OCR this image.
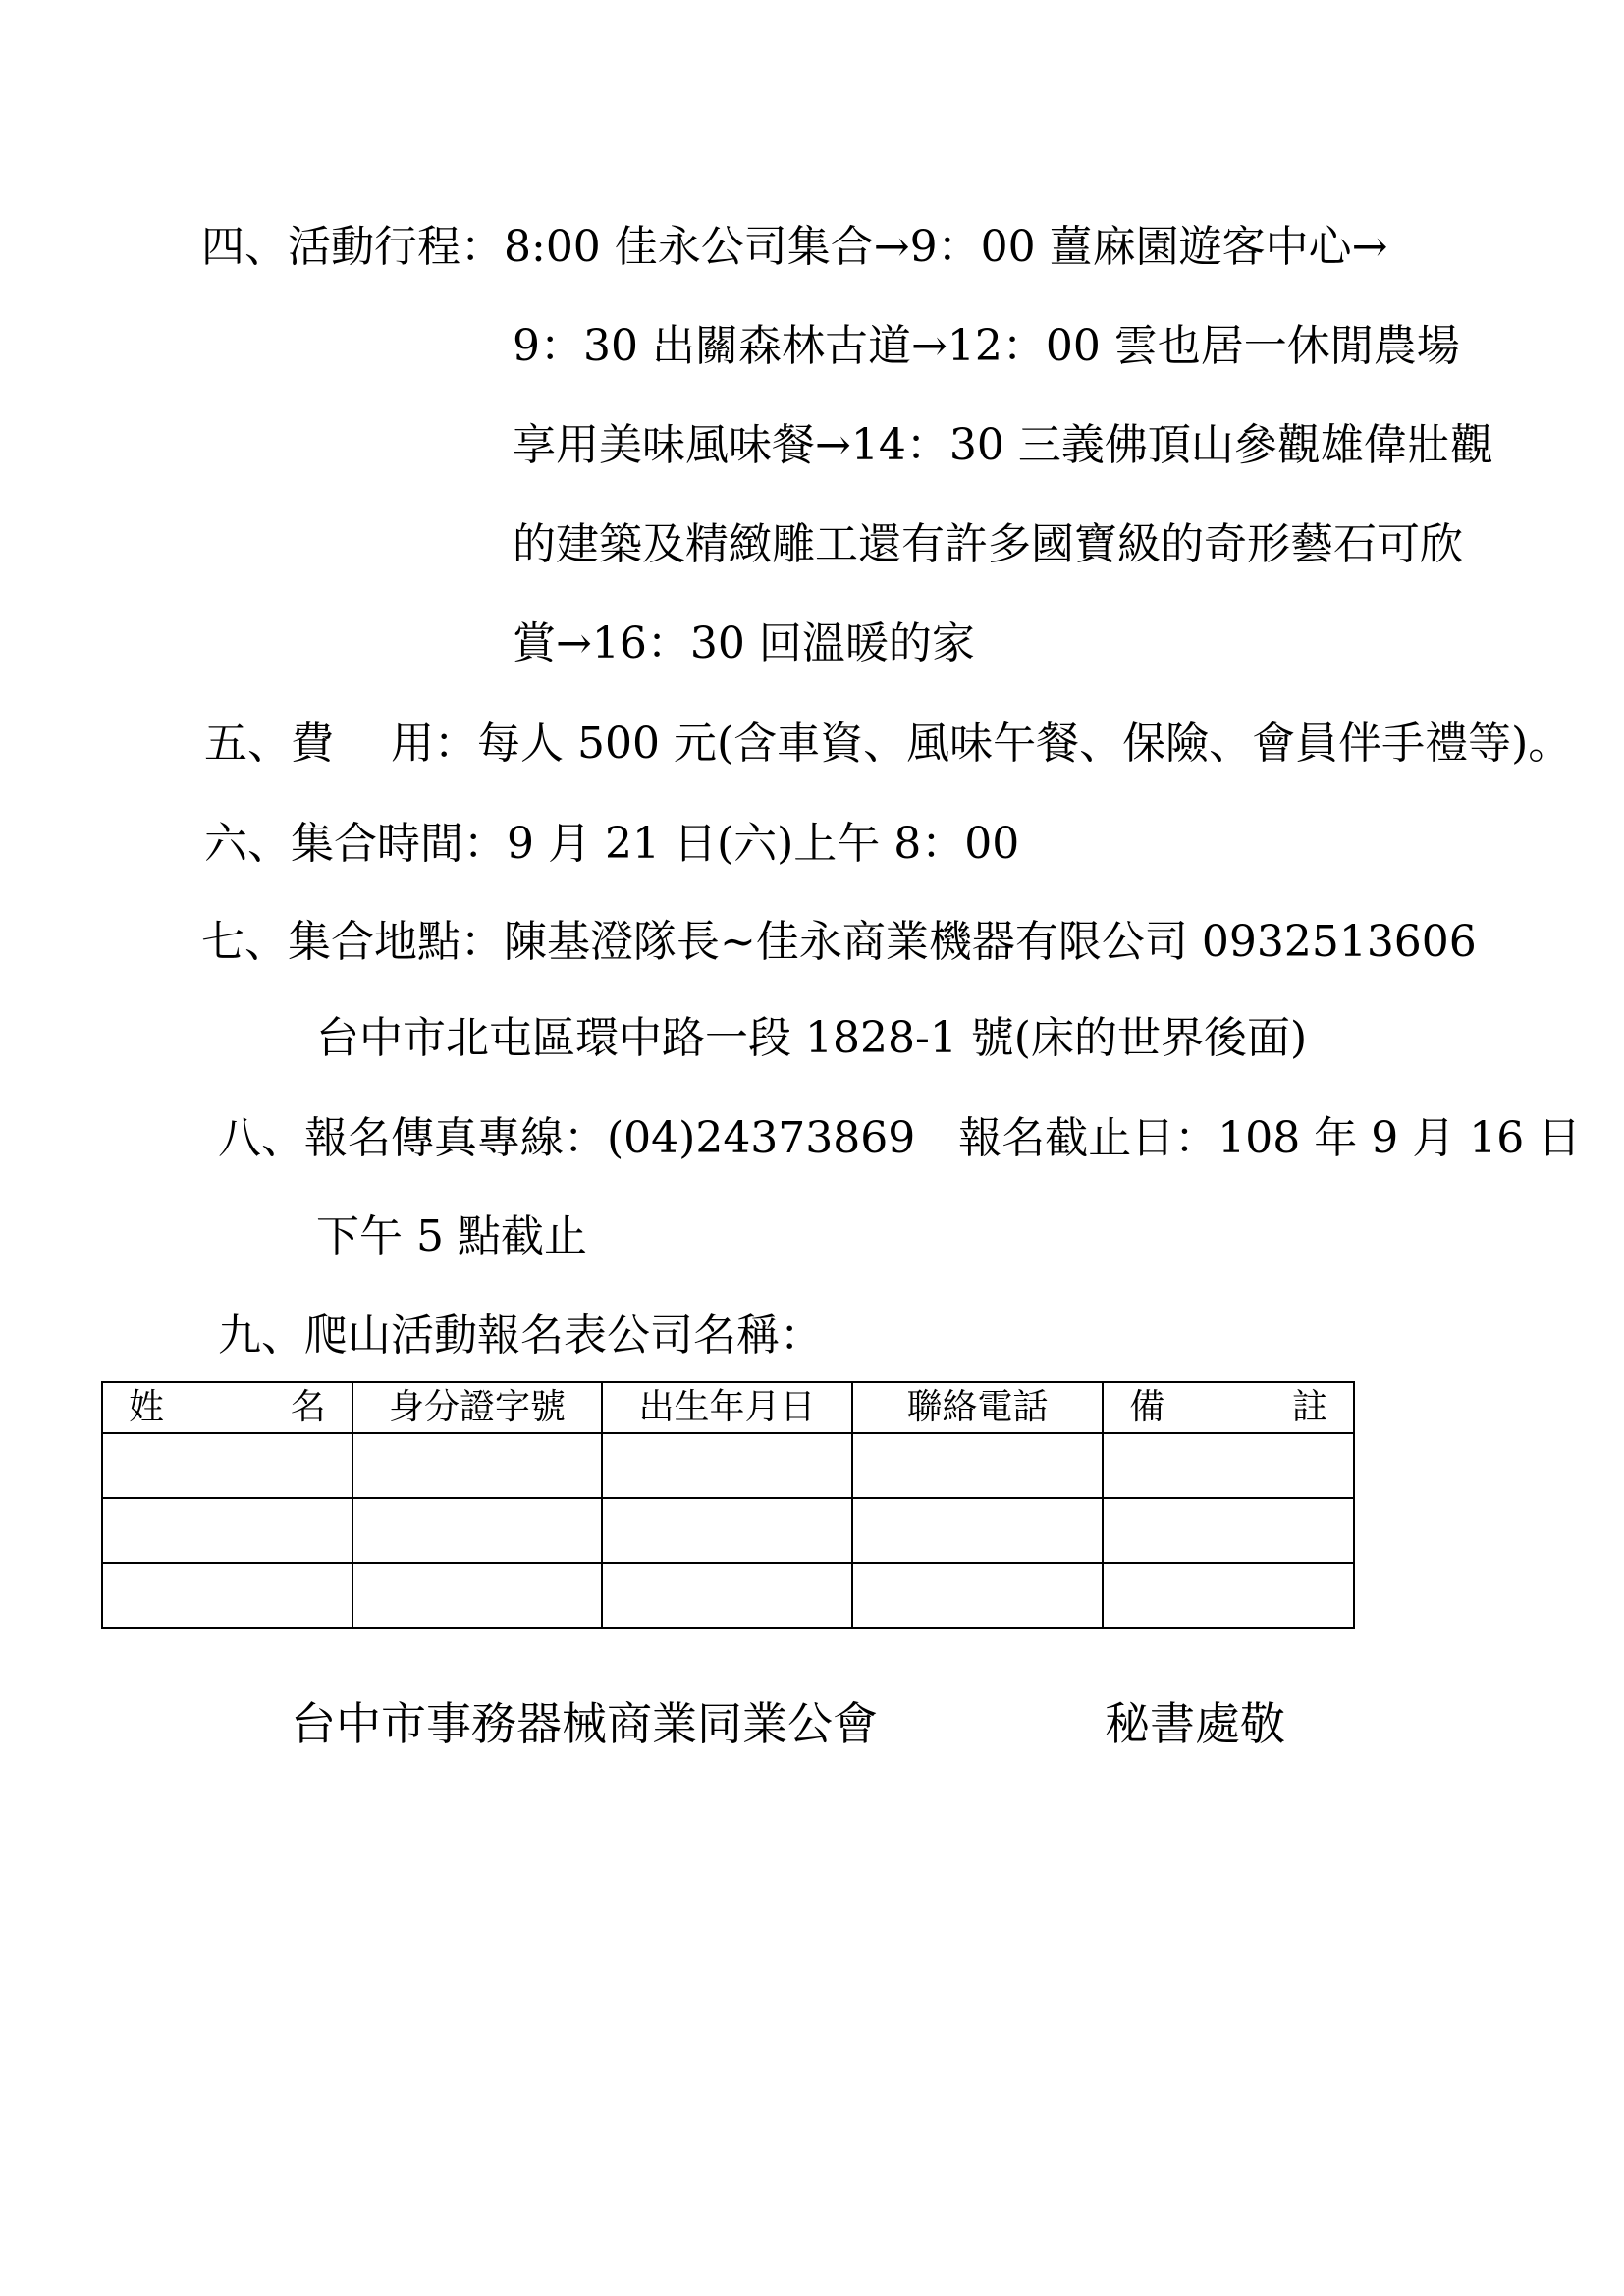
四、活動行程：8:00 佳永公司集合→9：00 薑麻園遊客中心→
9：30 出關森林古道→12：00 雲也居一休閒農場
享用美味風味餐→14：30 三義佛頂山參觀雄偉壯觀
的建築及精緻雕工還有許多國寶級的奇形藝石可欣
賞→16：30 回溫暖的家
五、費　 用：每人 500 元(含車資、風味午餐、保險、會員伴手禮等)。
六、集合時間：9 月 21 日(六)上午 8：00
七、集合地點：陳基澄隊長~佳永商業機器有限公司 0932513606
台中市北屯區環中路一段 1828-1 號(床的世界後面)
八、報名傳真專線：(04)24373869　報名截止日：108 年 9 月 16 日
下午 5 點截止
九、爬山活動報名表公司名稱：
姓 名	身分證字號	出生年月日	聯絡電話	備 註

台中市事務器械商業同業公會	秘書處敬
